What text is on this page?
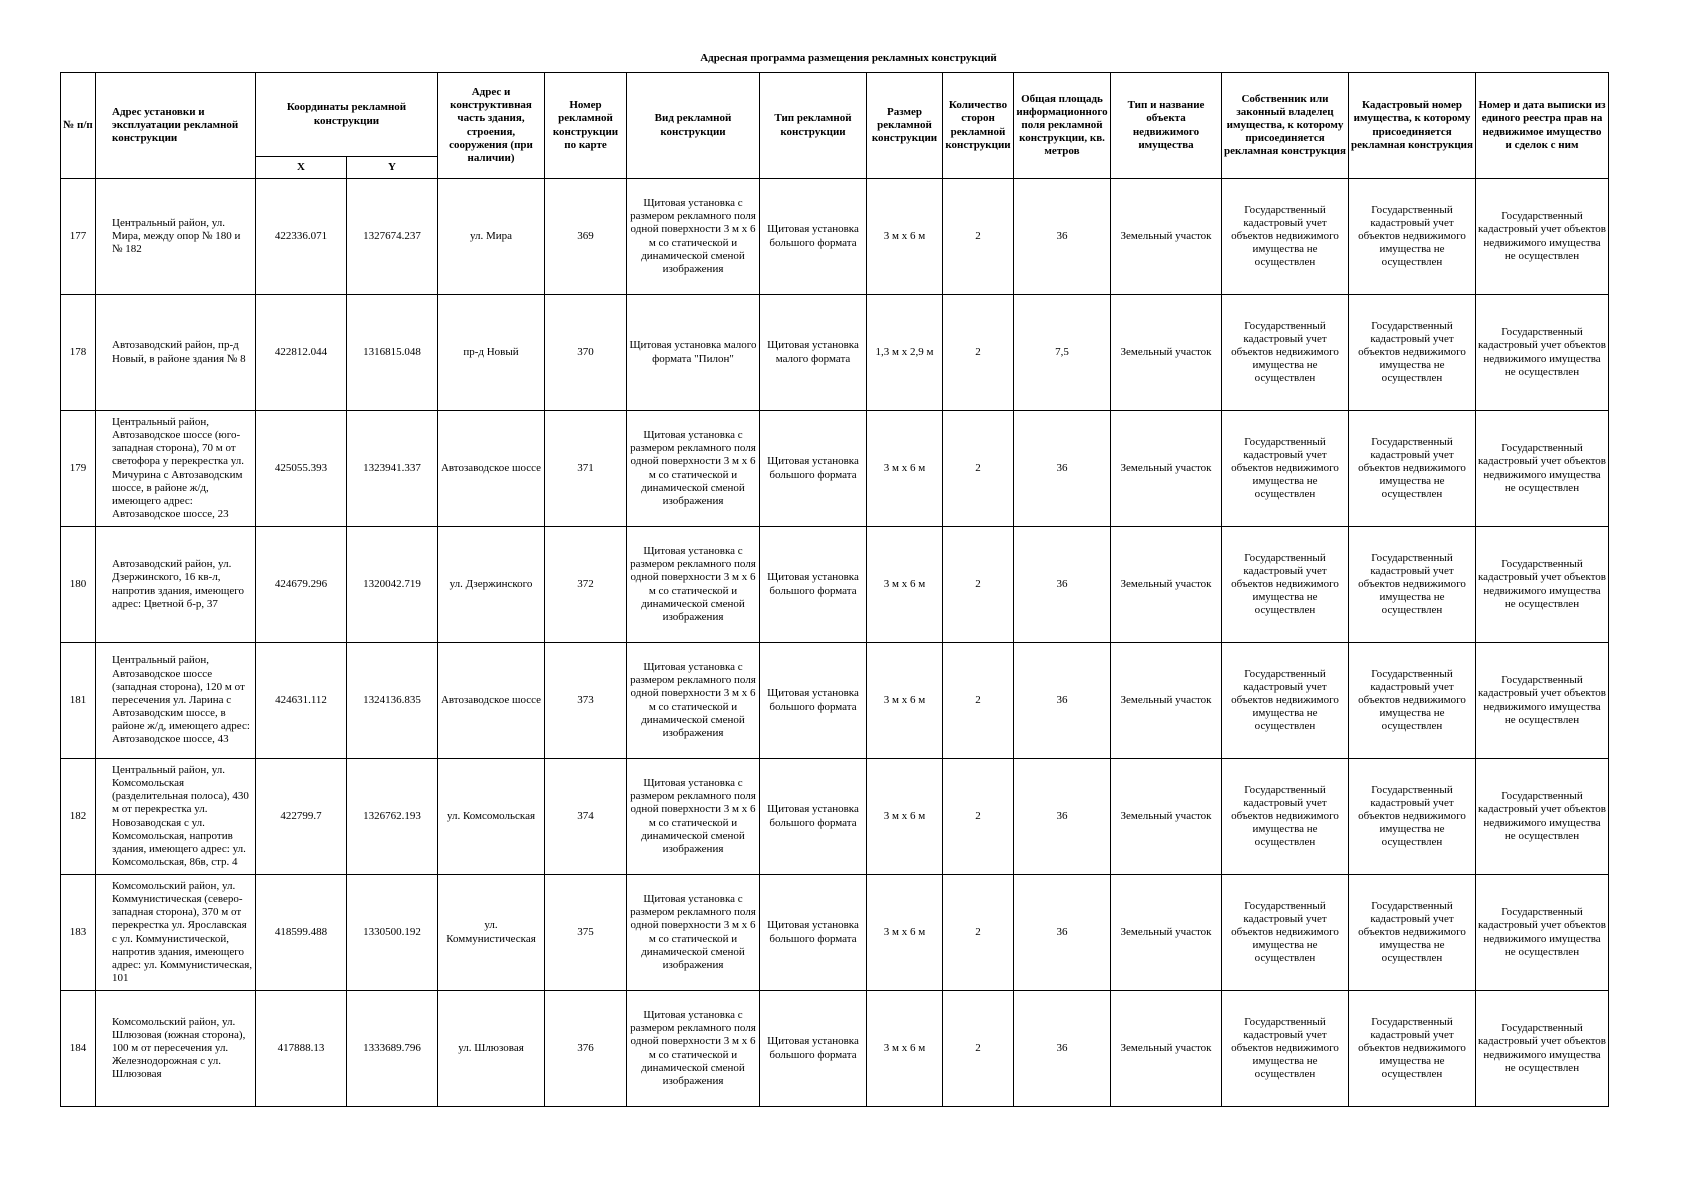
Адресная программа размещения рекламных конструкций
№ п/п	Адрес установки и эксплуатации рекламной конструкции	Координаты рекламной конструкции		Адрес и конструктивная часть здания, строения, сооружения (при наличии)	Номер рекламной конструкции по карте	Вид рекламной конструкции	Тип рекламной конструкции	Размер рекламной конструкции	Количество сторон рекламной конструкции	Общая площадь информационного поля рекламной конструкции, кв. метров	Тип и название объекта недвижимого имущества	Собственник или законный владелец имущества, к которому присоединяется рекламная конструкция	Кадастровый номер имущества, к которому присоединяется рекламная конструкция	Номер и дата выписки из единого реестра прав на недвижимое имущество и сделок с ним
		X	Y											
177	Центральный район, ул. Мира, между опор № 180 и № 182	422336.071	1327674.237	ул. Мира	369	Щитовая установка с размером рекламного поля одной поверхности 3 м х 6 м со статической и динамической сменой изображения	Щитовая установка большого формата	3 м х 6 м	2	36	Земельный участок	Государственный кадастровый учет объектов недвижимого имущества не осуществлен	Государственный кадастровый учет объектов недвижимого имущества не осуществлен	Государственный кадастровый учет объектов недвижимого имущества не осуществлен
178	Автозаводский район, пр-д Новый, в районе здания № 8	422812.044	1316815.048	пр-д Новый	370	Щитовая установка малого формата "Пилон"	Щитовая установка малого формата	1,3 м х 2,9 м	2	7,5	Земельный участок	Государственный кадастровый учет объектов недвижимого имущества не осуществлен	Государственный кадастровый учет объектов недвижимого имущества не осуществлен	Государственный кадастровый учет объектов недвижимого имущества не осуществлен
179	Центральный район, Автозаводское шоссе (юго-западная сторона), 70 м от светофора у перекрестка ул. Мичурина с Автозаводским шоссе, в районе ж/д, имеющего адрес: Автозаводское шоссе, 23	425055.393	1323941.337	Автозаводское шоссе	371	Щитовая установка с размером рекламного поля одной поверхности 3 м х 6 м со статической и динамической сменой изображения	Щитовая установка большого формата	3 м х 6 м	2	36	Земельный участок	Государственный кадастровый учет объектов недвижимого имущества не осуществлен	Государственный кадастровый учет объектов недвижимого имущества не осуществлен	Государственный кадастровый учет объектов недвижимого имущества не осуществлен
180	Автозаводский район, ул. Дзержинского, 16 кв-л, напротив здания, имеющего адрес: Цветной б-р, 37	424679.296	1320042.719	ул. Дзержинского	372	Щитовая установка с размером рекламного поля одной поверхности 3 м х 6 м со статической и динамической сменой изображения	Щитовая установка большого формата	3 м х 6 м	2	36	Земельный участок	Государственный кадастровый учет объектов недвижимого имущества не осуществлен	Государственный кадастровый учет объектов недвижимого имущества не осуществлен	Государственный кадастровый учет объектов недвижимого имущества не осуществлен
181	Центральный район, Автозаводское шоссе (западная сторона), 120 м от пересечения ул. Ларина с Автозаводским шоссе, в районе ж/д, имеющего адрес: Автозаводское шоссе, 43	424631.112	1324136.835	Автозаводское шоссе	373	Щитовая установка с размером рекламного поля одной поверхности 3 м х 6 м со статической и динамической сменой изображения	Щитовая установка большого формата	3 м х 6 м	2	36	Земельный участок	Государственный кадастровый учет объектов недвижимого имущества не осуществлен	Государственный кадастровый учет объектов недвижимого имущества не осуществлен	Государственный кадастровый учет объектов недвижимого имущества не осуществлен
182	Центральный район, ул. Комсомольская (разделительная полоса), 430 м от перекрестка ул. Новозаводская с ул. Комсомольская, напротив здания, имеющего адрес: ул. Комсомольская, 86в, стр. 4	422799.7	1326762.193	ул. Комсомольская	374	Щитовая установка с размером рекламного поля одной поверхности 3 м х 6 м со статической и динамической сменой изображения	Щитовая установка большого формата	3 м х 6 м	2	36	Земельный участок	Государственный кадастровый учет объектов недвижимого имущества не осуществлен	Государственный кадастровый учет объектов недвижимого имущества не осуществлен	Государственный кадастровый учет объектов недвижимого имущества не осуществлен
183	Комсомольский район, ул. Коммунистическая (северо-западная сторона), 370 м от перекрестка ул. Ярославская с ул. Коммунистической, напротив здания, имеющего адрес: ул. Коммунистическая, 101	418599.488	1330500.192	ул. Коммунистическая	375	Щитовая установка с размером рекламного поля одной поверхности 3 м х 6 м со статической и динамической сменой изображения	Щитовая установка большого формата	3 м х 6 м	2	36	Земельный участок	Государственный кадастровый учет объектов недвижимого имущества не осуществлен	Государственный кадастровый учет объектов недвижимого имущества не осуществлен	Государственный кадастровый учет объектов недвижимого имущества не осуществлен
184	Комсомольский район, ул. Шлюзовая (южная сторона), 100 м от пересечения ул. Железнодорожная с ул. Шлюзовая	417888.13	1333689.796	ул. Шлюзовая	376	Щитовая установка с размером рекламного поля одной поверхности 3 м х 6 м со статической и динамической сменой изображения	Щитовая установка большого формата	3 м х 6 м	2	36	Земельный участок	Государственный кадастровый учет объектов недвижимого имущества не осуществлен	Государственный кадастровый учет объектов недвижимого имущества не осуществлен	Государственный кадастровый учет объектов недвижимого имущества не осуществлен
